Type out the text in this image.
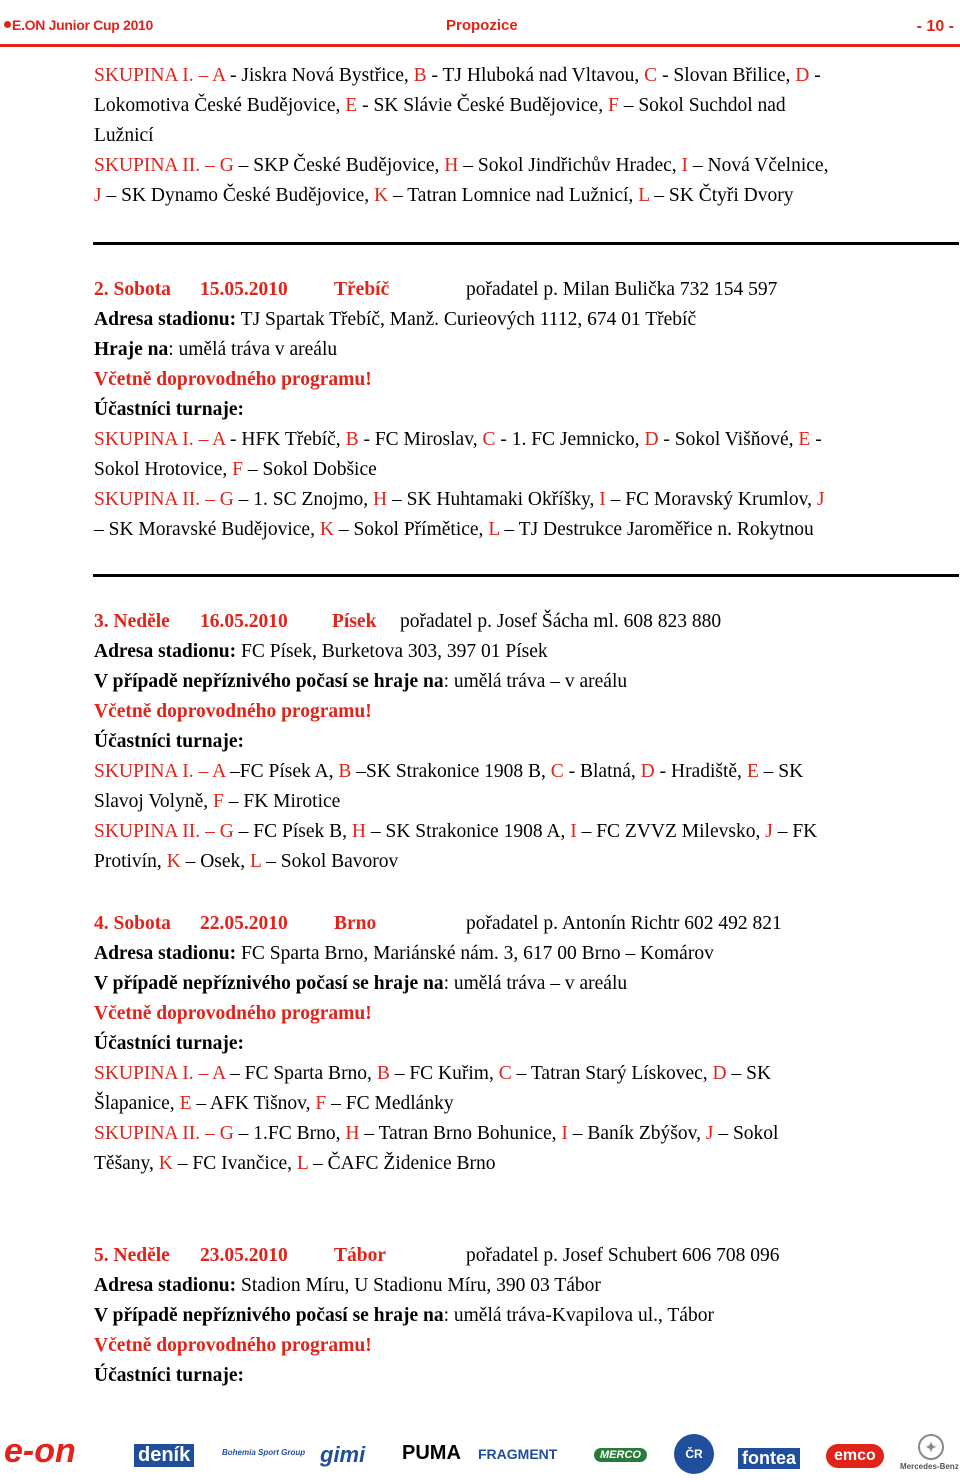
E.ON Junior Cup 2010	Propozice	- 10 -
SKUPINA I. – A - Jiskra Nová Bystřice, B - TJ Hluboká nad Vltavou, C - Slovan Břilice, D -
Lokomotiva České Budějovice, E - SK Slávie České Budějovice, F – Sokol Suchdol nad
Lužnicí
SKUPINA II. – G – SKP České Budějovice, H – Sokol Jindřichův Hradec, I – Nová Včelnice,
J – SK Dynamo České Budějovice, K – Tatran Lomnice nad Lužnicí, L – SK Čtyři Dvory
2. Sobota 15.05.2010 Třebíč	pořadatel p. Milan Bulička 732 154 597
Adresa stadionu: TJ Spartak Třebíč, Manž. Curieových 1112, 674 01 Třebíč
Hraje na: umělá tráva v areálu
Včetně doprovodného programu!
Účastníci turnaje:
SKUPINA I. – A - HFK Třebíč, B - FC Miroslav, C - 1. FC Jemnicko, D - Sokol Višňové, E -
Sokol Hrotovice, F – Sokol Dobšice
SKUPINA II. – G – 1. SC Znojmo, H – SK Huhtamaki Okříšky, I – FC Moravský Krumlov, J
– SK Moravské Budějovice, K – Sokol Přímětice, L – TJ Destrukce Jaroměřice n. Rokytnou
3. Neděle 16.05.2010 Písek pořadatel p. Josef Šácha ml. 608 823 880
Adresa stadionu: FC Písek, Burketova 303, 397 01 Písek
V případě nepříznivého počasí se hraje na: umělá tráva – v areálu
Včetně doprovodného programu!
Účastníci turnaje:
SKUPINA I. – A –FC Písek A, B –SK Strakonice 1908 B, C - Blatná, D - Hradiště, E – SK
Slavoj Volyně, F – FK Mirotice
SKUPINA II. – G – FC Písek B, H – SK Strakonice 1908 A, I – FC ZVVZ Milevsko, J – FK
Protivín, K – Osek, L – Sokol Bavorov
4. Sobota 22.05.2010 Brno	pořadatel p. Antonín Richtr 602 492 821
Adresa stadionu: FC Sparta Brno, Mariánské nám. 3, 617 00 Brno – Komárov
V případě nepříznivého počasí se hraje na: umělá tráva – v areálu
Včetně doprovodného programu!
Účastníci turnaje:
SKUPINA I. – A – FC Sparta Brno, B – FC Kuřim, C – Tatran Starý Lískovec, D – SK
Šlapanice, E – AFK Tišnov, F – FC Medlánky
SKUPINA II. – G – 1.FC Brno, H – Tatran Brno Bohunice, I – Baník Zbýšov, J – Sokol
Těšany, K – FC Ivančice, L – ČAFC Židenice Brno
5. Neděle 23.05.2010 Tábor	pořadatel p. Josef Schubert 606 708 096
Adresa stadionu: Stadion Míru, U Stadionu Míru, 390 03 Tábor
V případě nepříznivého počasí se hraje na: umělá tráva-Kvapilova ul., Tábor
Včetně doprovodného programu!
Účastníci turnaje:
e-on	deník	Bohemia Sport Group gimi PUMA FRAGMENT	MERCO	ČR	fontea	emco
Mercedes-Benz
✦
